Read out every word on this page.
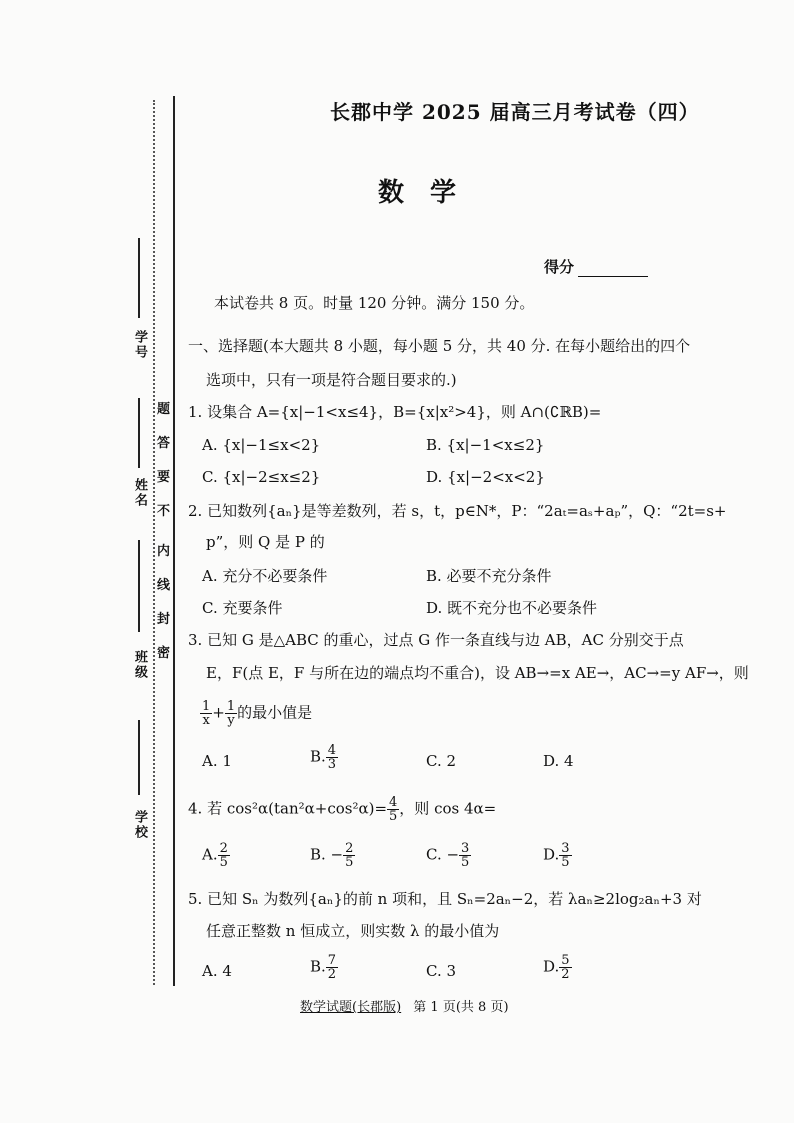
学号
姓名
班级
学校
题
答
要
不
内
线
封
密
长郡中学 2025 届高三月考试卷（四）
数学
得分
本试卷共 8 页。时量 120 分钟。满分 150 分。
一、选择题(本大题共 8 小题，每小题 5 分，共 40 分. 在每小题给出的四个
选项中，只有一项是符合题目要求的.)
1. 设集合 A={x|−1<x≤4}，B={x|x²>4}，则 A∩(∁ℝB)=
A. {x|−1≤x<2}	B. {x|−1<x≤2}
C. {x|−2≤x≤2}	D. {x|−2<x<2}
2. 已知数列{aₙ}是等差数列，若 s，t，p∈N*，P：“2aₜ=aₛ+aₚ”，Q：“2t=s+
p”，则 Q 是 P 的
A. 充分不必要条件	B. 必要不充分条件
C. 充要条件	D. 既不充分也不必要条件
3. 已知 G 是△ABC 的重心，过点 G 作一条直线与边 AB，AC 分别交于点
E，F(点 E，F 与所在边的端点均不重合)，设 AB→=x AE→，AC→=y AF→，则
$\frac{1}{x} + \frac{1}{y}$ 的最小值是
A. 1	B. $\frac{4}{3}$	C. 2	D. 4
4. 若 $\cos^2\alpha(\tan^2\alpha+\cos^2\alpha)= \frac{4}{5}$ ，则 cos 4α=
A. $\frac{2}{5}$	B. − $\frac{2}{5}$	C. − $\frac{3}{5}$	D. $\frac{3}{5}$
5. 已知 Sₙ 为数列{aₙ}的前 n 项和，且 Sₙ=2aₙ−2，若 λaₙ≥2log₂aₙ+3 对
任意正整数 n 恒成立，则实数 λ 的最小值为
A. 4	B. $\frac{7}{2}$	C. 3	D. $\frac{5}{2}$
数学试题(长郡版) 第 1 页(共 8 页)
